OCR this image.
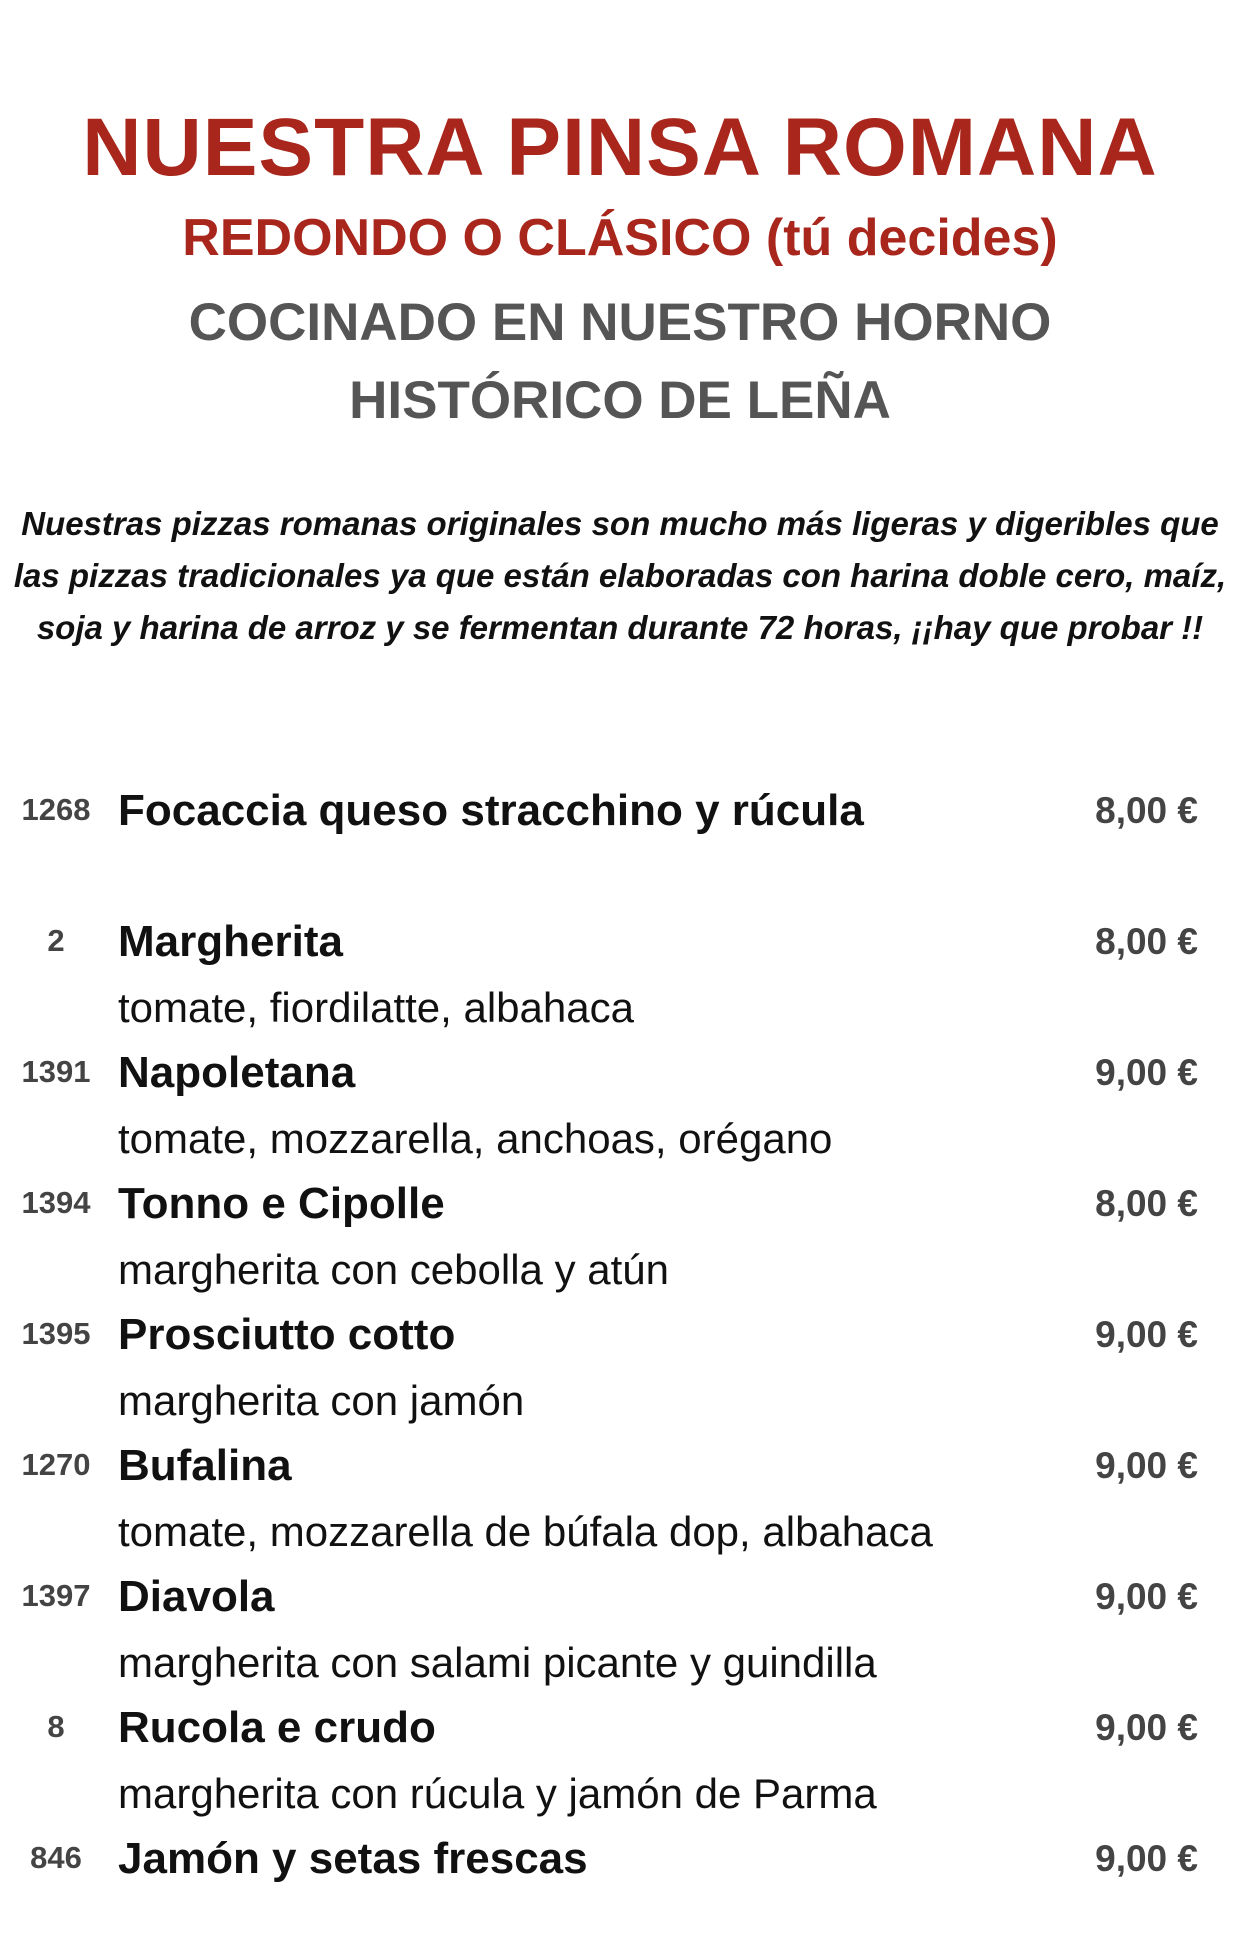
NUESTRA PINSA ROMANA
REDONDO O CLÁSICO (tú decides)
COCINADO EN NUESTRO HORNO HISTÓRICO DE LEÑA
Nuestras pizzas romanas originales son mucho más ligeras y digeribles que las pizzas tradicionales ya que están elaboradas con harina doble cero, maíz, soja y harina de arroz y se fermentan durante 72 horas, ¡¡hay que probar !!
1268 Focaccia queso stracchino y rúcula	8,00 €
2	Margherita	8,00 €
tomate, fiordilatte, albahaca
1391 Napoletana	9,00 €
tomate, mozzarella, anchoas, orégano
1394 Tonno e Cipolle	8,00 €
margherita con cebolla y atún
1395 Prosciutto cotto	9,00 €
margherita con jamón
1270 Bufalina	9,00 €
tomate, mozzarella de búfala dop, albahaca
1397 Diavola	9,00 €
margherita con salami picante y guindilla
8	Rucola e crudo	9,00 €
margherita con rúcula y jamón de Parma
846 Jamón y setas frescas	9,00 €
